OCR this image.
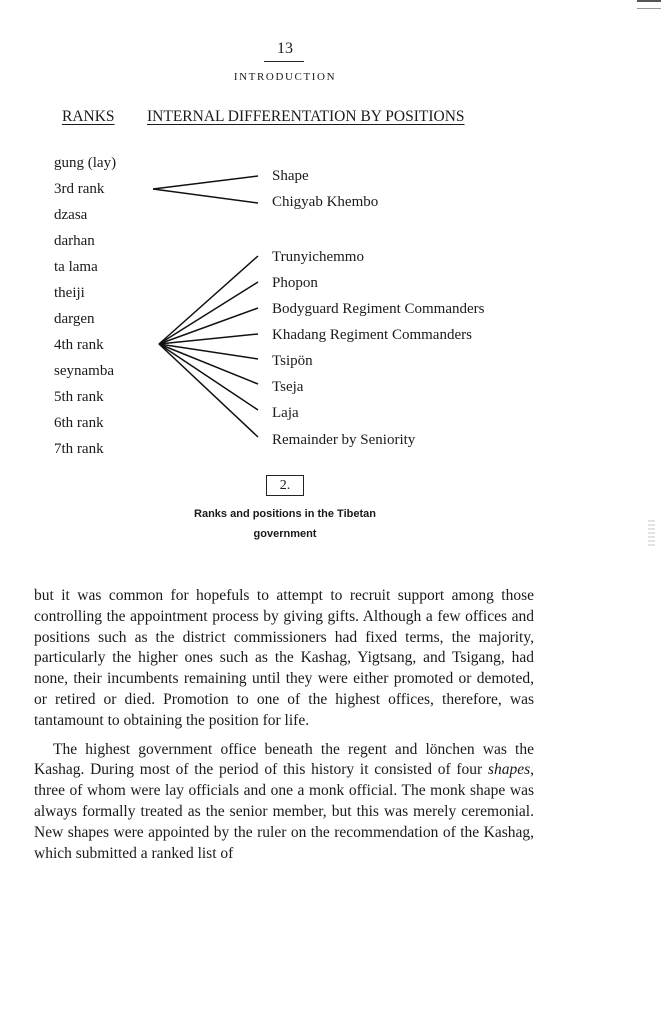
13
INTRODUCTION
RANKS INTERNAL DIFFERENTATION BY POSITIONS
gung (lay)
3rd rank
dzasa
darhan
ta lama
theiji
dargen
4th rank
seynamba
5th rank
6th rank
7th rank
Shape
Chigyab Khembo
Trunyichemmo
Phopon
Bodyguard Regiment Commanders
Khadang Regiment Commanders
Tsipön
Tseja
Laja
Remainder by Seniority
2.
Ranks and positions in the Tibetan
government

but it was common for hopefuls to attempt to recruit support among those controlling the appointment process by giving gifts. Although a few offices and positions such as the district commissioners had fixed terms, the majority, particularly the higher ones such as the Kashag, Yigtsang, and Tsigang, had none, their incumbents remaining until they were either promoted or demoted, or retired or died. Promotion to one of the highest offices, therefore, was tantamount to obtaining the position for life.

The highest government office beneath the regent and lönchen was the Kashag. During most of the period of this history it consisted of four shapes, three of whom were lay officials and one a monk official. The monk shape was always formally treated as the senior member, but this was merely ceremonial. New shapes were appointed by the ruler on the recommendation of the Kashag, which submitted a ranked list of
